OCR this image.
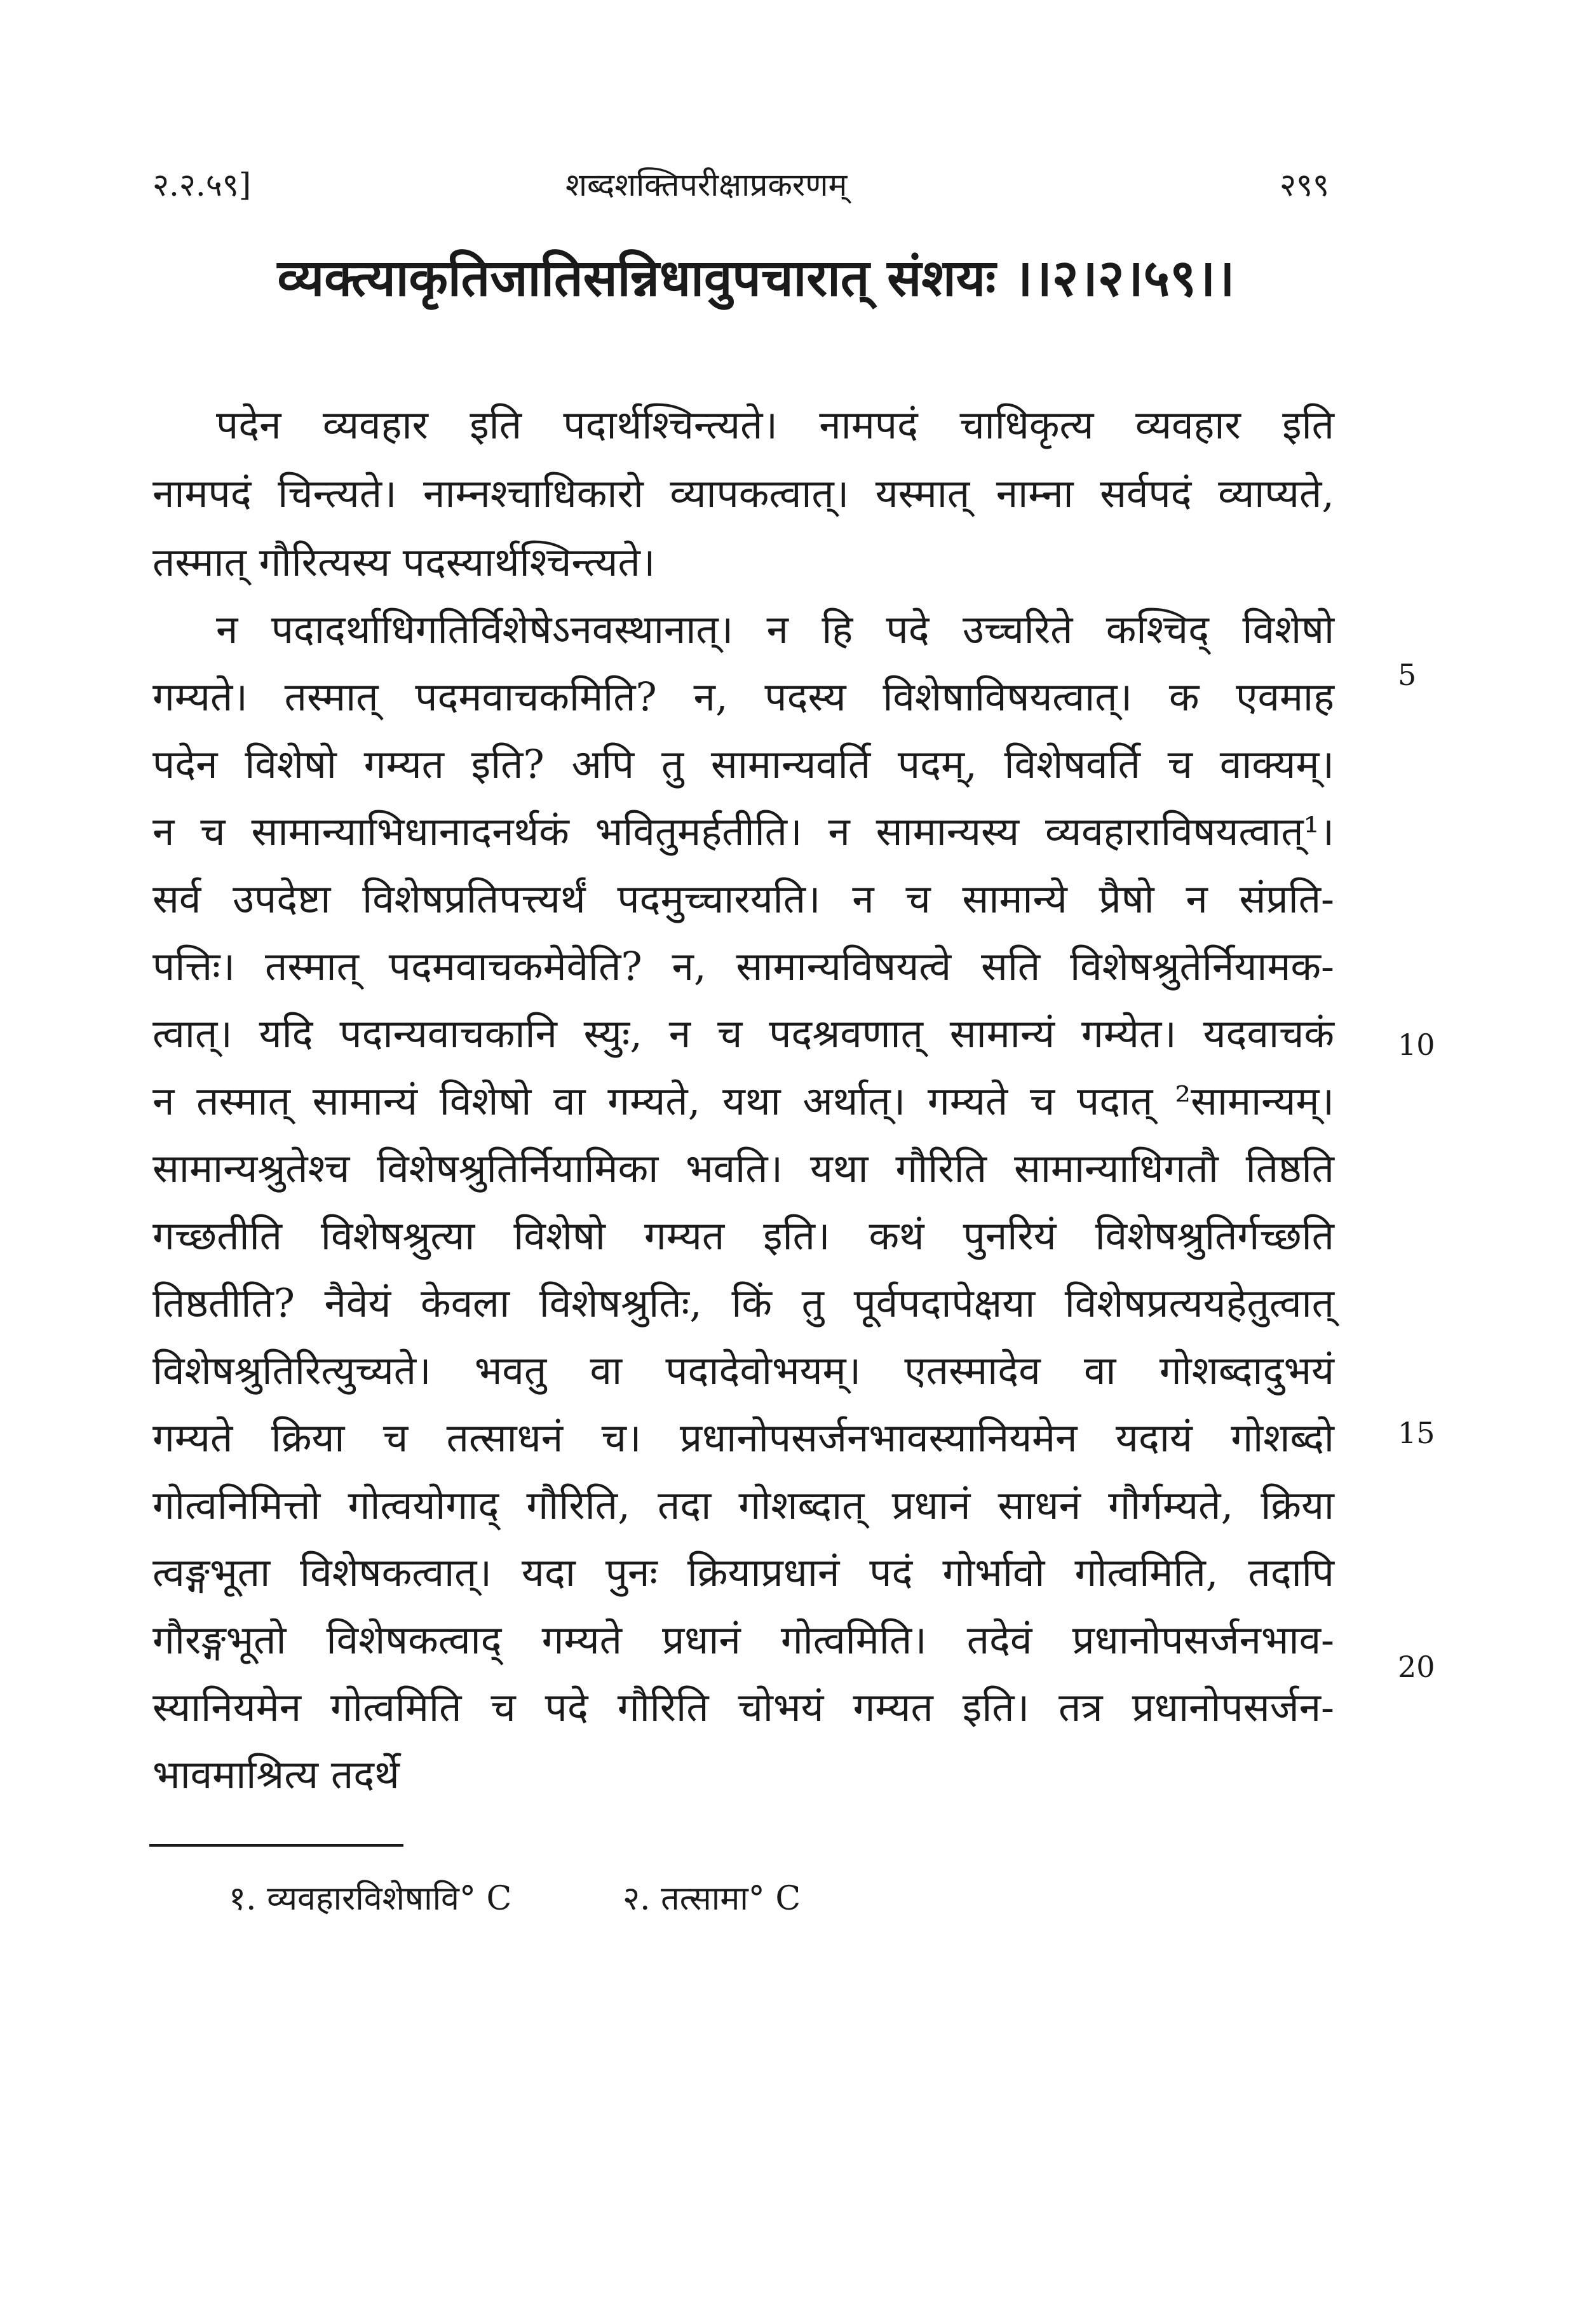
२.२.५९]	शब्दशक्तिपरीक्षाप्रकरणम्	२९९
व्यक्त्याकृतिजातिसन्निधावुपचारात् संशयः ।।२।२।५९।।
पदेन व्यवहार इति पदार्थश्चिन्त्यते। नामपदं चाधिकृत्य व्यवहार इति
नामपदं चिन्त्यते। नाम्नश्चाधिकारो व्यापकत्वात्। यस्मात् नाम्ना सर्वपदं व्याप्यते,
तस्मात् गौरित्यस्य पदस्यार्थश्चिन्त्यते।
न पदादर्थाधिगतिर्विशेषेऽनवस्थानात्। न हि पदे उच्चरिते कश्चिद् विशेषो
गम्यते। तस्मात् पदमवाचकमिति? न, पदस्य विशेषाविषयत्वात्। क एवमाह
पदेन विशेषो गम्यत इति? अपि तु सामान्यवर्ति पदम्, विशेषवर्ति च वाक्यम्।
न च सामान्याभिधानादनर्थकं भवितुमर्हतीति। न सामान्यस्य व्यवहाराविषयत्वात्¹।
सर्व उपदेष्टा विशेषप्रतिपत्त्यर्थं पदमुच्चारयति। न च सामान्ये प्रैषो न संप्रति-
पत्तिः। तस्मात् पदमवाचकमेवेति? न, सामान्यविषयत्वे सति विशेषश्रुतेर्नियामक-
त्वात्। यदि पदान्यवाचकानि स्युः, न च पदश्रवणात् सामान्यं गम्येत। यदवाचकं
न तस्मात् सामान्यं विशेषो वा गम्यते, यथा अर्थात्। गम्यते च पदात् ²सामान्यम्।
सामान्यश्रुतेश्च विशेषश्रुतिर्नियामिका भवति। यथा गौरिति सामान्याधिगतौ तिष्ठति
गच्छतीति विशेषश्रुत्या विशेषो गम्यत इति। कथं पुनरियं विशेषश्रुतिर्गच्छति
तिष्ठतीति? नैवेयं केवला विशेषश्रुतिः, किं तु पूर्वपदापेक्षया विशेषप्रत्ययहेतुत्वात्
विशेषश्रुतिरित्युच्यते। भवतु वा पदादेवोभयम्। एतस्मादेव वा गोशब्दादुभयं
गम्यते क्रिया च तत्साधनं च। प्रधानोपसर्जनभावस्यानियमेन यदायं गोशब्दो
गोत्वनिमित्तो गोत्वयोगाद् गौरिति, तदा गोशब्दात् प्रधानं साधनं गौर्गम्यते, क्रिया
त्वङ्गभूता विशेषकत्वात्। यदा पुनः क्रियाप्रधानं पदं गोर्भावो गोत्वमिति, तदापि
गौरङ्गभूतो विशेषकत्वाद् गम्यते प्रधानं गोत्वमिति। तदेवं प्रधानोपसर्जनभाव-
स्यानियमेन गोत्वमिति च पदे गौरिति चोभयं गम्यत इति। तत्र प्रधानोपसर्जन-
भावमाश्रित्य तदर्थे
5
10
15
20
१. व्यवहारविशेषावि° C	२. तत्सामा° C
